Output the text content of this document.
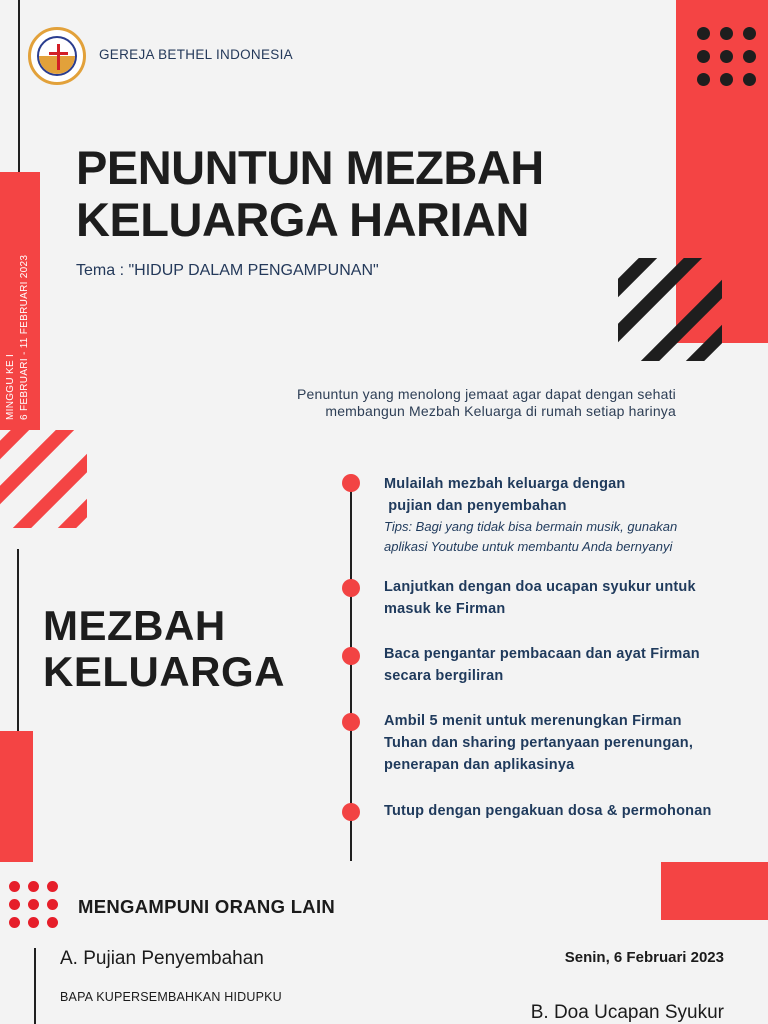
GEREJA BETHEL INDONESIA
PENUNTUN MEZBAH
KELUARGA HARIAN
Tema : "HIDUP DALAM PENGAMPUNAN"
MINGGU KE I 6 FEBRUARI - 11 FEBRUARI 2023	Penuntun yang menolong jemaat agar dapat dengan sehati
membangun Mezbah Keluarga di rumah setiap harinya
MEZBAH
KELUARGA
Mulailah mezbah keluarga dengan
pujian dan penyembahan
Tips: Bagi yang tidak bisa bermain musik, gunakan
aplikasi Youtube untuk membantu Anda bernyanyi
Lanjutkan dengan doa ucapan syukur untuk
masuk ke Firman
Baca pengantar pembacaan dan ayat Firman
secara bergiliran
Ambil 5 menit untuk merenungkan Firman
Tuhan dan sharing pertanyaan perenungan,
penerapan dan aplikasinya
Tutup dengan pengakuan dosa & permohonan
MENGAMPUNI ORANG LAIN
A. Pujian Penyembahan
BAPA KUPERSEMBAHKAN HIDUPKU
Senin, 6 Februari 2023
B. Doa Ucapan Syukur
